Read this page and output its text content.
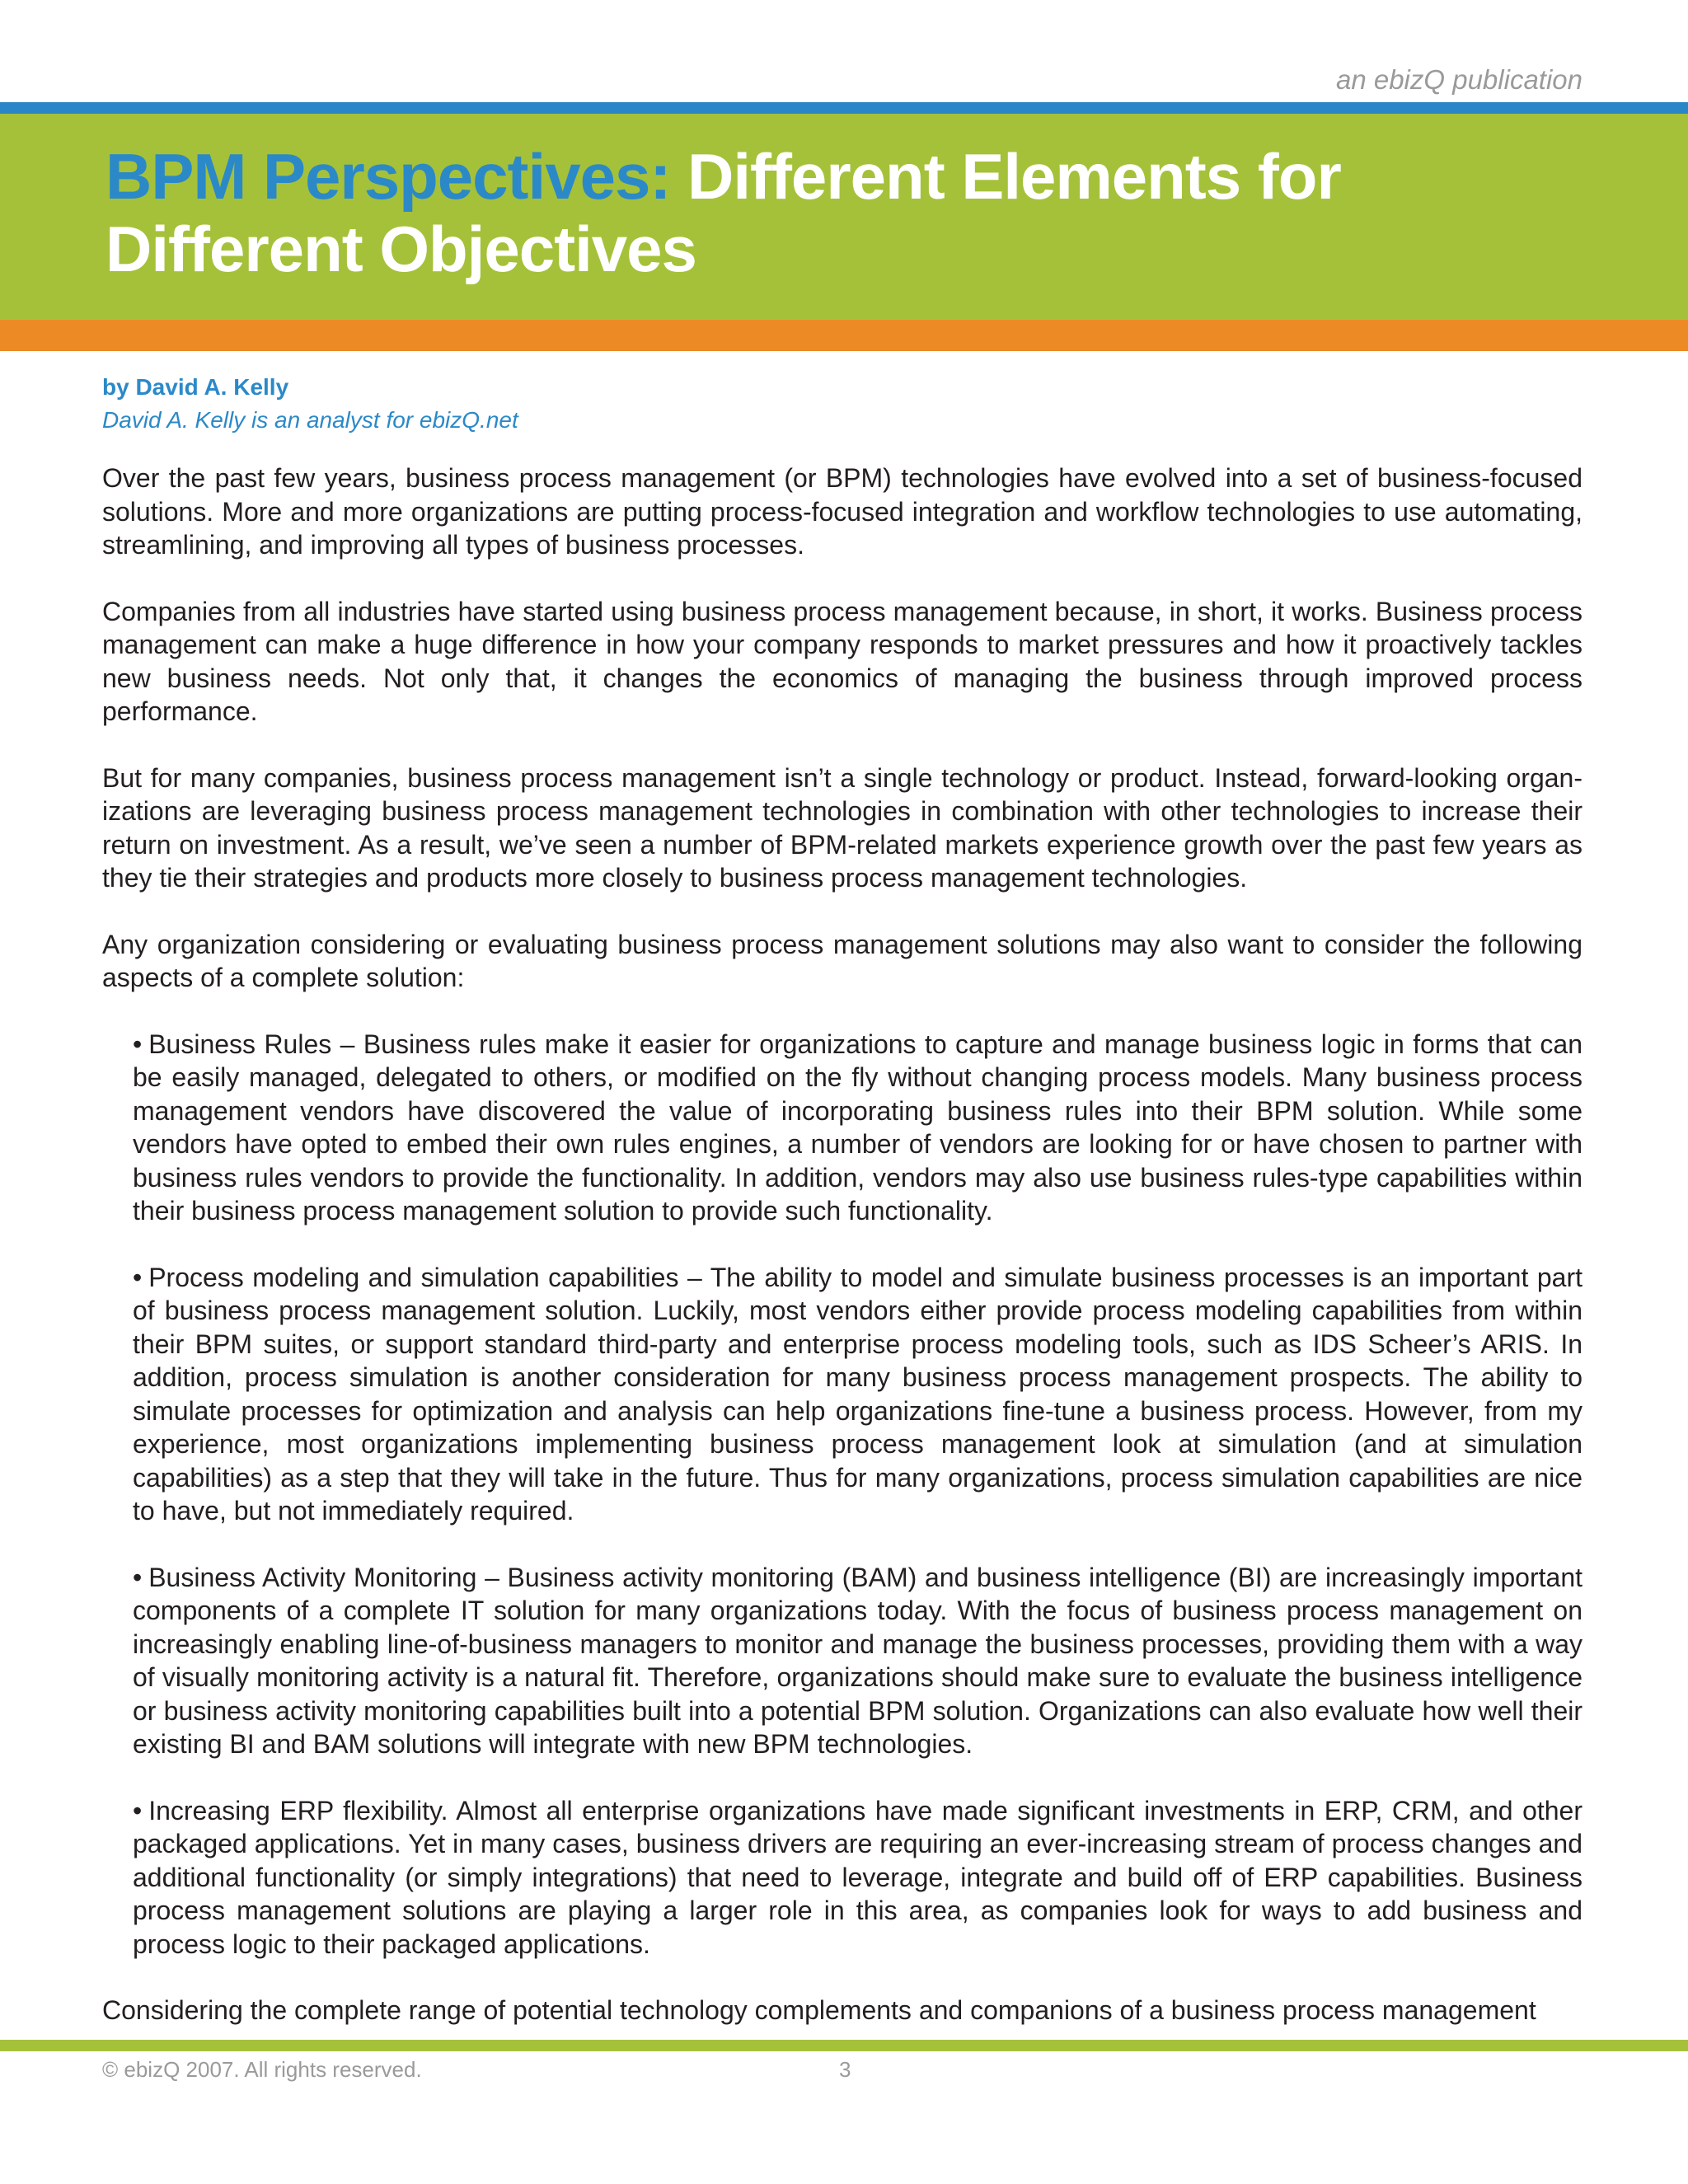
an ebizQ publication
BPM Perspectives: Different Elements for Different Objectives
by David A. Kelly
David A. Kelly is an analyst for ebizQ.net

Over the past few years, business process management (or BPM) technologies have evolved into a set of business-focused solutions. More and more organizations are putting process-focused integration and workflow technologies to use automating, streamlining, and improving all types of business processes.

Companies from all industries have started using business process management because, in short, it works. Business process management can make a huge difference in how your company responds to market pressures and how it proactively tackles new business needs. Not only that, it changes the economics of managing the business through improved process performance.

But for many companies, business process management isn’t a single technology or product. Instead, forward-looking organizations are leveraging business process management technologies in combination with other technologies to increase their return on investment. As a result, we’ve seen a number of BPM-related markets experience growth over the past few years as they tie their strategies and products more closely to business process management technologies.

Any organization considering or evaluating business process management solutions may also want to consider the following aspects of a complete solution:

• Business Rules – Business rules make it easier for organizations to capture and manage business logic in forms that can be easily managed, delegated to others, or modified on the fly without changing process models. Many business process management vendors have discovered the value of incorporating business rules into their BPM solution. While some vendors have opted to embed their own rules engines, a number of vendors are looking for or have chosen to partner with business rules vendors to provide the functionality. In addition, vendors may also use business rules-type capabilities within their business process management solution to provide such functionality.
• Process modeling and simulation capabilities – The ability to model and simulate business processes is an important part of business process management solution. Luckily, most vendors either provide process modeling capabilities from within their BPM suites, or support standard third-party and enterprise process modeling tools, such as IDS Scheer’s ARIS. In addition, process simulation is another consideration for many business process management prospects. The ability to simulate processes for optimization and analysis can help organizations fine-tune a business process. However, from my experience, most organizations implementing business process management look at simulation (and at simulation capabilities) as a step that they will take in the future. Thus for many organizations, process simulation capabilities are nice to have, but not immediately required.
• Business Activity Monitoring – Business activity monitoring (BAM) and business intelligence (BI) are increasingly important components of a complete IT solution for many organizations today. With the focus of business process management on increasingly enabling line-of-business managers to monitor and manage the business processes, providing them with a way of visually monitoring activity is a natural fit. Therefore, organizations should make sure to evaluate the business intelligence or business activity monitoring capabilities built into a potential BPM solution. Organizations can also evaluate how well their existing BI and BAM solutions will integrate with new BPM technologies.
• Increasing ERP flexibility. Almost all enterprise organizations have made significant investments in ERP, CRM, and other packaged applications. Yet in many cases, business drivers are requiring an ever-increasing stream of process changes and additional functionality (or simply integrations) that need to leverage, integrate and build off of ERP capabilities. Business process management solutions are playing a larger role in this area, as companies look for ways to add business and process logic to their packaged applications.

Considering the complete range of potential technology complements and companions of a business process management

© ebizQ 2007. All rights reserved.	3
